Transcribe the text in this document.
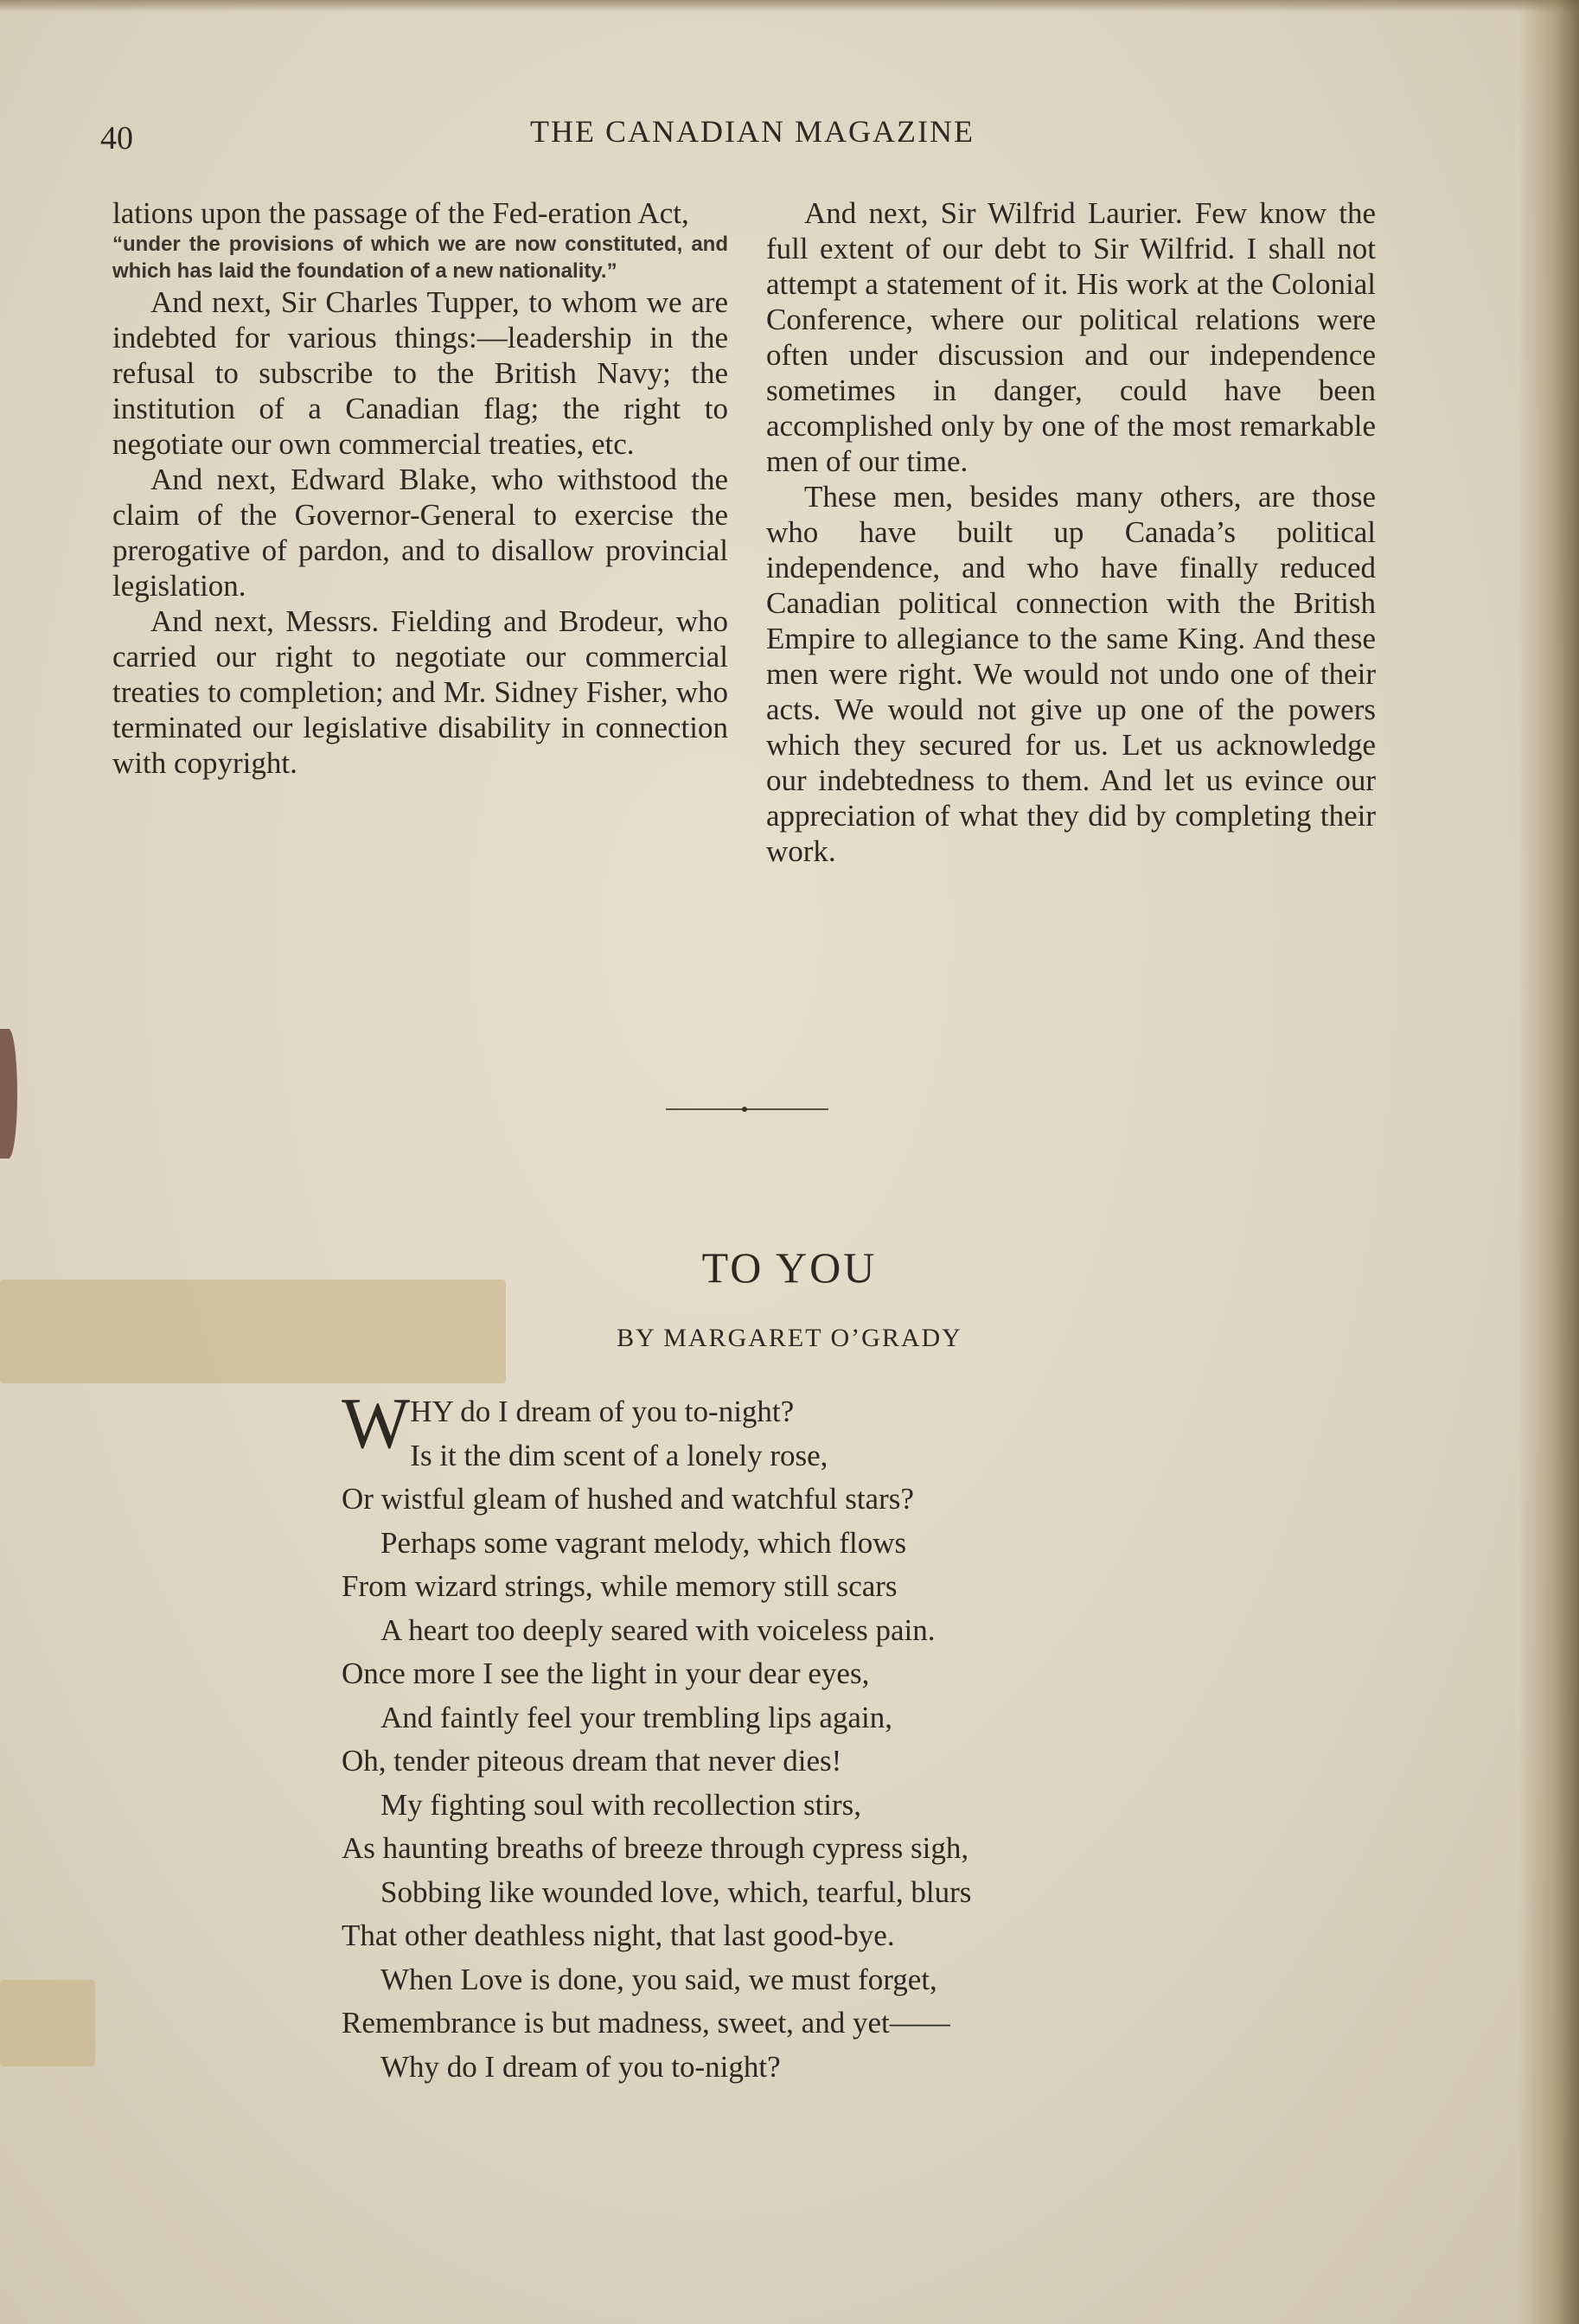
40	THE CANADIAN MAGAZINE

lations upon the passage of the Fed-eration Act,

“under the provisions of which we are now constituted, and which has laid the foundation of a new nationality.”

And next, Sir Charles Tupper, to whom we are indebted for various things:—leadership in the refusal to subscribe to the British Navy; the institution of a Canadian flag; the right to negotiate our own commercial treaties, etc.

And next, Edward Blake, who withstood the claim of the Governor-General to exercise the prerogative of pardon, and to disallow provincial legislation.

And next, Messrs. Fielding and Brodeur, who carried our right to negotiate our commercial treaties to completion; and Mr. Sidney Fisher, who terminated our legislative disability in connection with copyright.

And next, Sir Wilfrid Laurier. Few know the full extent of our debt to Sir Wilfrid. I shall not attempt a statement of it. His work at the Colonial Conference, where our political relations were often under discussion and our independence sometimes in danger, could have been accomplished only by one of the most remarkable men of our time.

These men, besides many others, are those who have built up Canada’s political independence, and who have finally reduced Canadian political connection with the British Empire to allegiance to the same King. And these men were right. We would not undo one of their acts. We would not give up one of the powers which they secured for us. Let us acknowledge our indebtedness to them. And let us evince our appreciation of what they did by completing their work.

TO YOU

BY MARGARET O’GRADY

WHY do I dream of you to-night?
Is it the dim scent of a lonely rose,
Or wistful gleam of hushed and watchful stars?
Perhaps some vagrant melody, which flows
From wizard strings, while memory still scars
A heart too deeply seared with voiceless pain.
Once more I see the light in your dear eyes,
And faintly feel your trembling lips again,
Oh, tender piteous dream that never dies!
My fighting soul with recollection stirs,
As haunting breaths of breeze through cypress sigh,
Sobbing like wounded love, which, tearful, blurs
That other deathless night, that last good-bye.
When Love is done, you said, we must forget,
Remembrance is but madness, sweet, and yet——
Why do I dream of you to-night?
